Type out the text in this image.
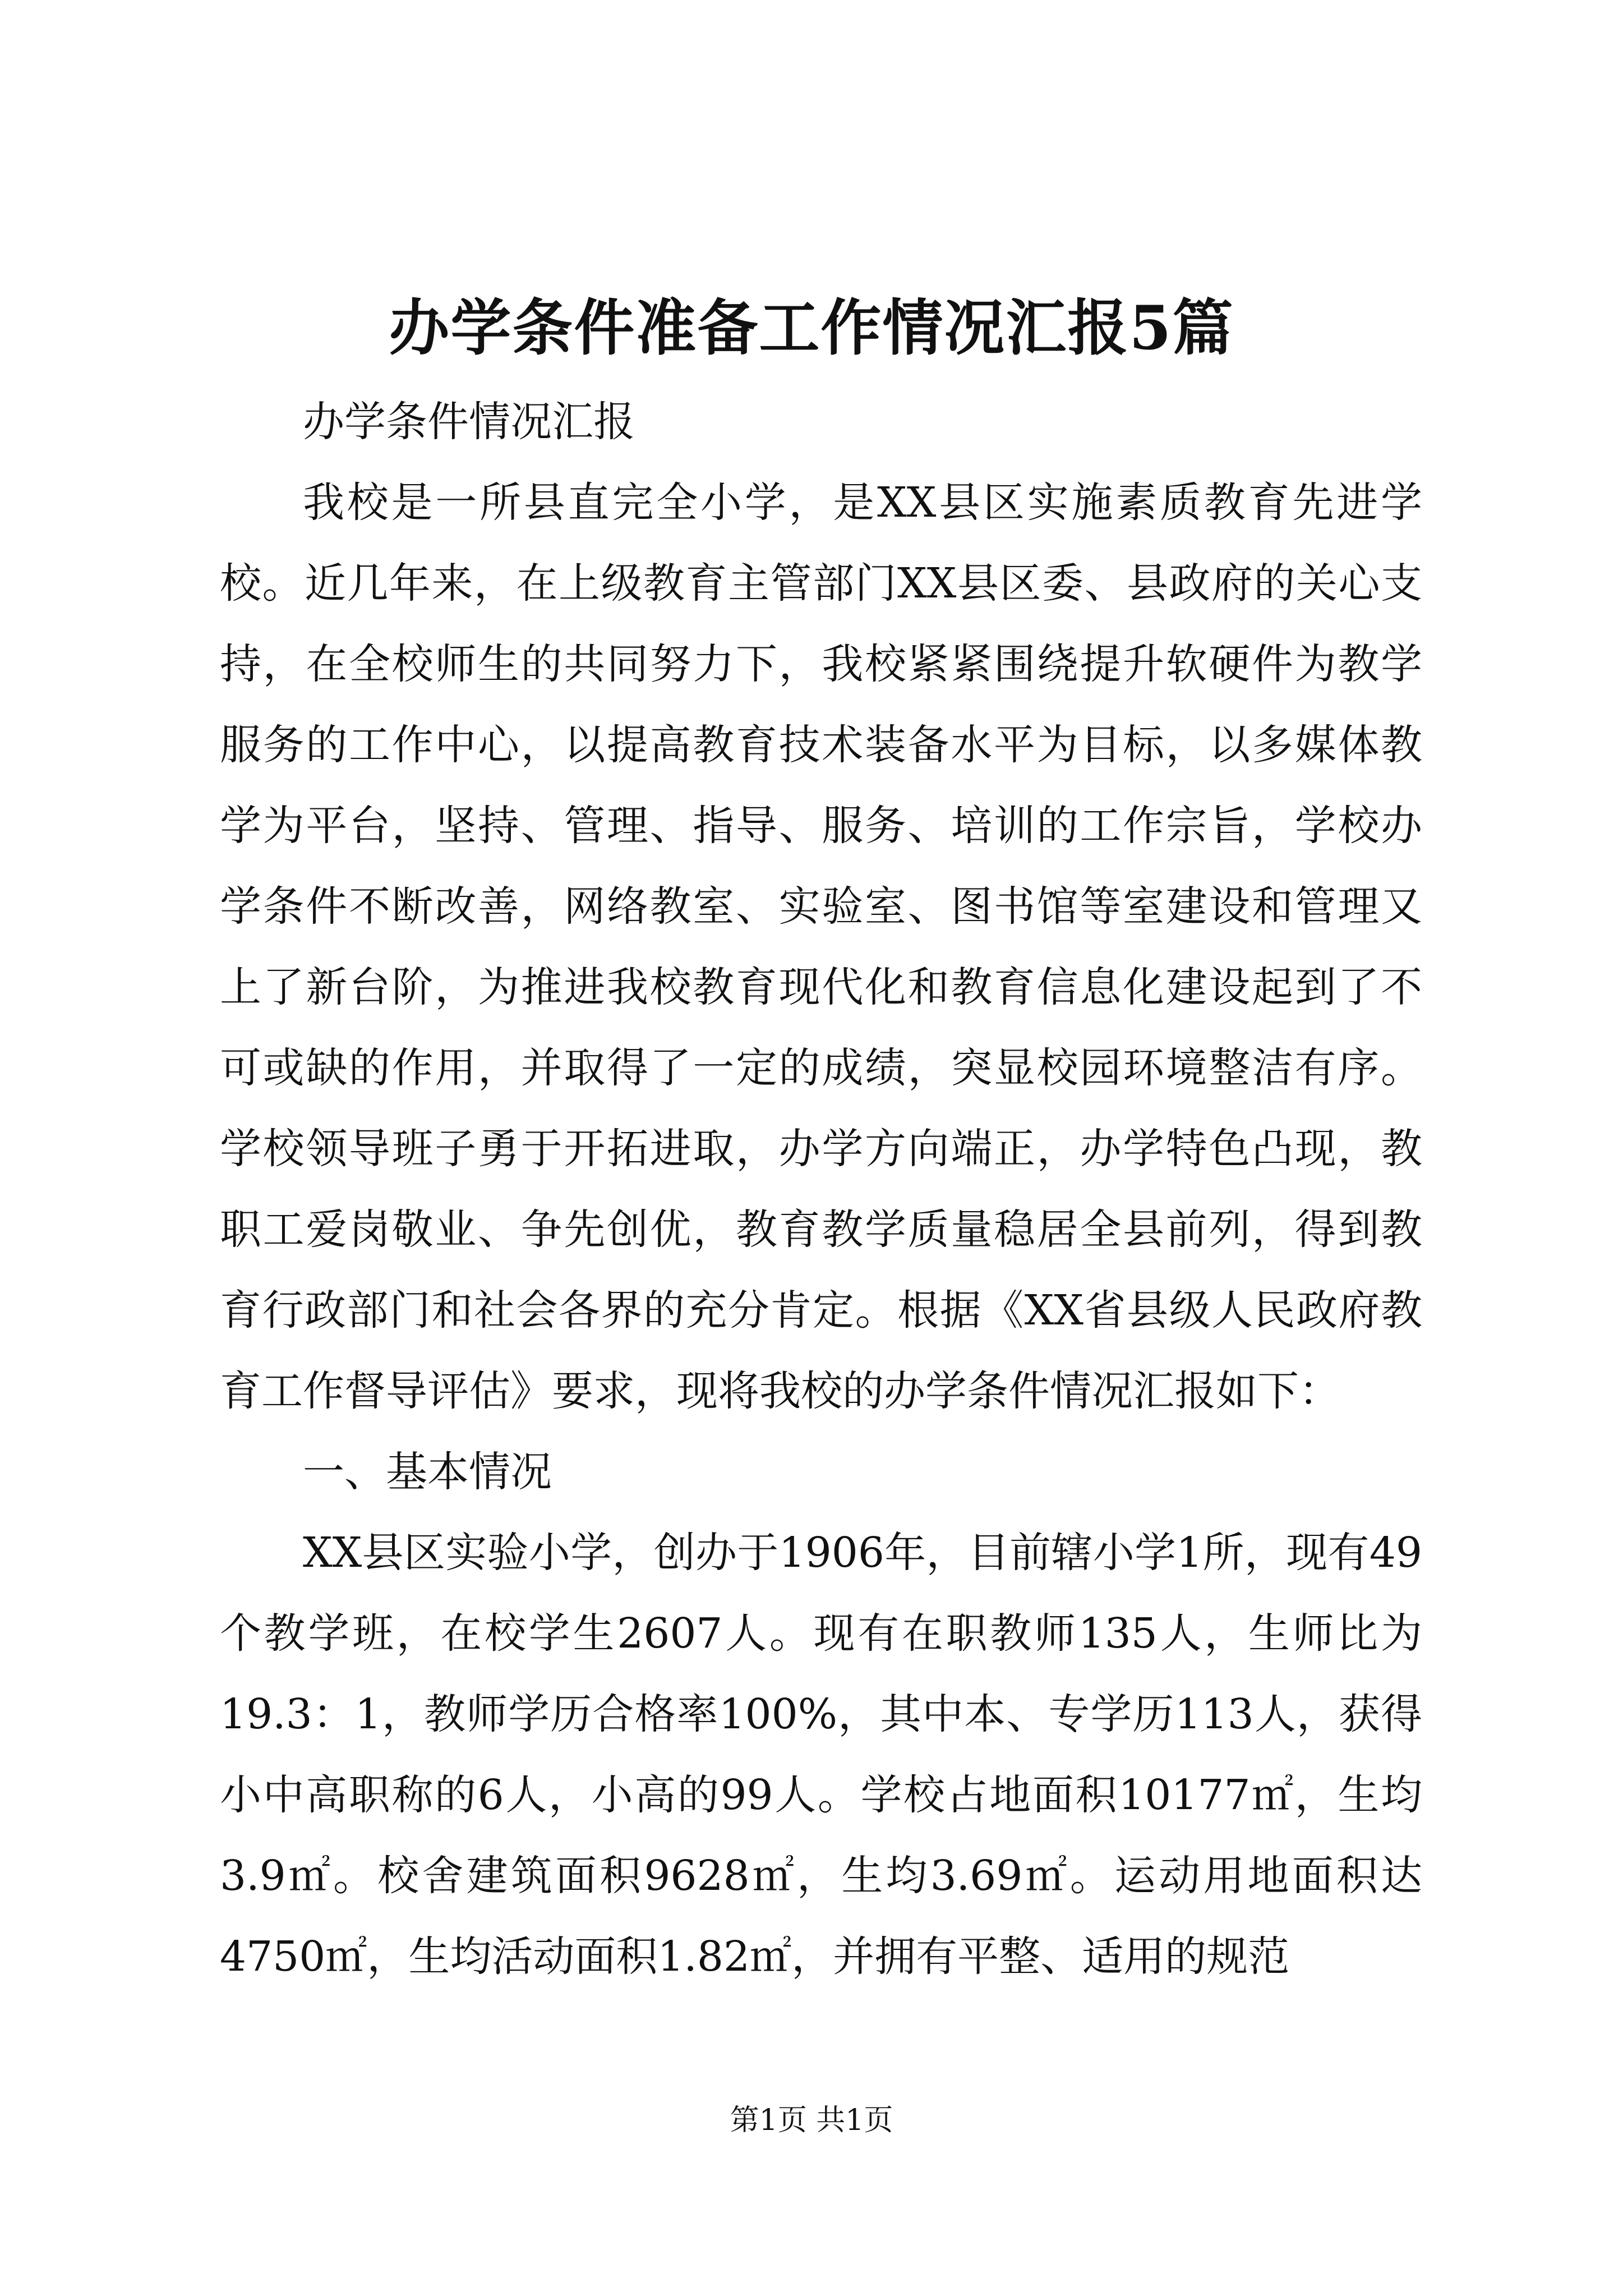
办学条件准备工作情况汇报5篇

办学条件情况汇报

我校是一所县直完全小学，是XX县区实施素质教育先进学校。近几年来，在上级教育主管部门XX县区委、县政府的关心支持，在全校师生的共同努力下，我校紧紧围绕提升软硬件为教学服务的工作中心，以提高教育技术装备水平为目标，以多媒体教学为平台，坚持、管理、指导、服务、培训的工作宗旨，学校办学条件不断改善，网络教室、实验室、图书馆等室建设和管理又上了新台阶，为推进我校教育现代化和教育信息化建设起到了不可或缺的作用，并取得了一定的成绩，突显校园环境整洁有序。学校领导班子勇于开拓进取，办学方向端正，办学特色凸现，教职工爱岗敬业、争先创优，教育教学质量稳居全县前列，得到教育行政部门和社会各界的充分肯定。根据《XX省县级人民政府教育工作督导评估》要求，现将我校的办学条件情况汇报如下：

一、基本情况

XX县区实验小学，创办于1906年，目前辖小学1所，现有49个教学班，在校学生2607人。现有在职教师135人，生师比为19.3：1，教师学历合格率100%，其中本、专学历113人，获得小中高职称的6人，小高的99人。学校占地面积10177㎡，生均3.9㎡。校舍建筑面积9628㎡，生均3.69㎡。运动用地面积达4750㎡，生均活动面积1.82㎡，并拥有平整、适用的规范

第1页 共1页
